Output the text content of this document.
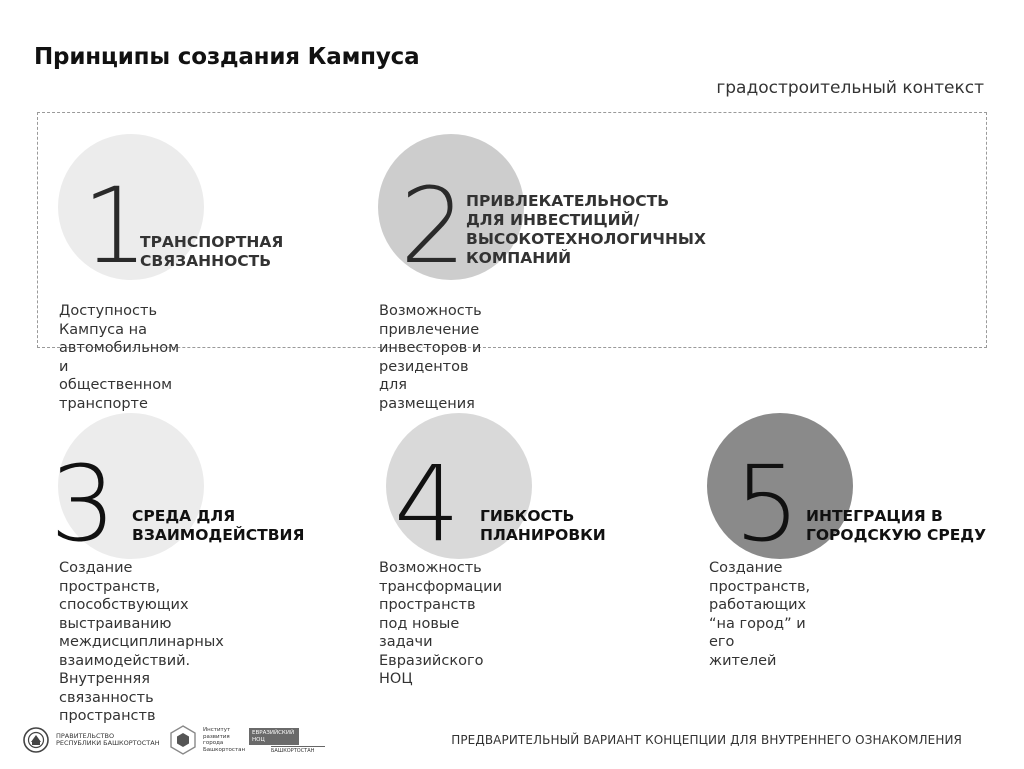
Принципы создания Кампуса
градостроительный контекст
1
ТРАНСПОРТНАЯ
СВЯЗАННОСТЬ
Доступность Кампуса на
автомобильном и общественном
транспорте
2 ПРИВЛЕКАТЕЛЬНОСТЬ
ДЛЯ ИНВЕСТИЦИЙ/
ВЫСОКОТЕХНОЛОГИЧНЫХ
КОМПАНИЙ
Возможность привлечение
инвесторов и резидентов для
размещения
3 СРЕДА ДЛЯ
ВЗАИМОДЕЙСТВИЯ
Создание пространств,
способствующих выстраиванию
междисциплинарных
взаимодействий. Внутренняя
связанность пространств
4 ГИБКОСТЬ
ПЛАНИРОВКИ
Возможность трансформации
пространств под новые задачи
Евразийского НОЦ
5 ИНТЕГРАЦИЯ В
ГОРОДСКУЮ СРЕДУ
Создание пространств,
работающих “на город” и его
жителей
ПРАВИТЕЛЬСТВО
РЕСПУБЛИКИ БАШКОРТОСТАН
Институт
развития
города
Башкортостан
ЕВРАЗИЙСКИЙ
НОЦ
БАШКОРТОСТАН
ПРЕДВАРИТЕЛЬНЫЙ ВАРИАНТ КОНЦЕПЦИИ ДЛЯ ВНУТРЕННЕГО ОЗНАКОМЛЕНИЯ
